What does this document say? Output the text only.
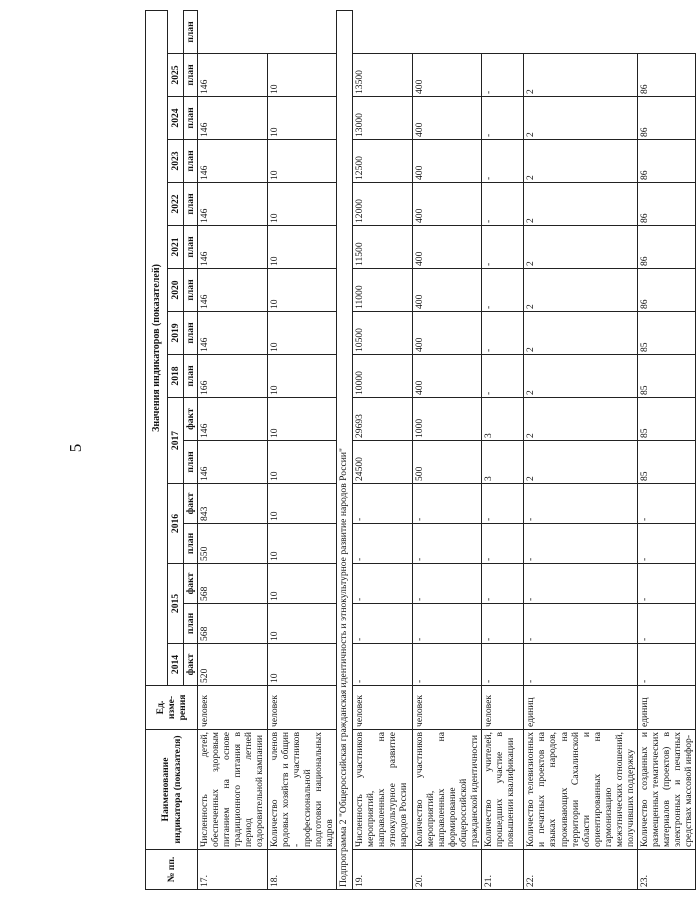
5
№ пп.	Наименование индикатора (показателя)	Ед. изме- рения	Значения индикаторов (показателей)															
			2014	2015		2016		2017		2018	2019	2020	2021	2022	2023	2024	2025	
			факт	план	факт	план	факт	план	факт	план	план	план	план	план	план	план	план	план
17.	Численность детей, обеспеченных здоровым питанием на основе традиционного питания в период летней оздоровительной кампании	человек	520	568	568	550	843	146	146	166	146	146	146	146	146	146	146	
18.	Количество членов родовых хозяйств и общин - участников профессиональной подготовки национальных кадров	человек	10	10	10	10	10	10	10	10	10	10	10	10	10	10	10	
Подпрограмма 2 "Общероссийская гражданская идентичность и этнокультурное развитие народов России"																		
19.	Численность участников мероприятий, направленных на этнокультурное развитие народов России	человек	-	-	-	-	-	24500	29693	10000	10500	11000	11500	12000	12500	13000	13500	
20.	Количество участников мероприятий, направленных на формирование общероссийской гражданской идентичности	человек	-	-	-	-	-	500	1000	400	400	400	400	400	400	400	400	
21.	Количество учителей, прошедших участие в повышении квалификации	человек	-	-	-	-	-	3	3	-	-	-	-	-	-	-	-	
22.	Количество телевизионных и печатных проектов на языках народов, проживающих на территории Сахалинской области и ориентированных на гармонизацию межэтнических отношений, получивших поддержку	единиц	-	-	-	-	-	2	2	2	2	2	2	2	2	2	2	
23.	Количество созданных и размещенных тематических материалов (проектов) в электронных и печатных средствах массовой инфор-	единиц	-	-	-	-	-	85	85	85	85	86	86	86	86	86	86	
